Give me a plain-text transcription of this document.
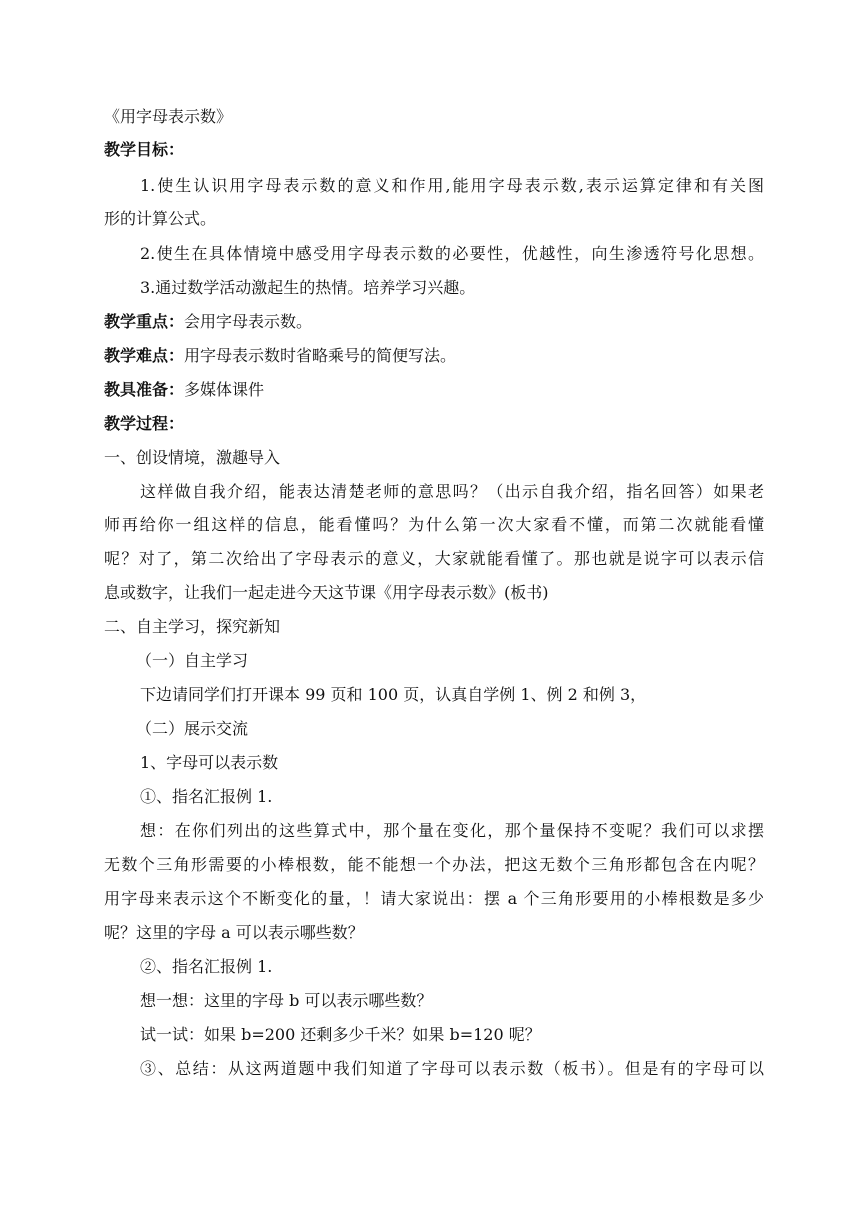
《用字母表示数》
教学目标：
1.使生认识用字母表示数的意义和作用,能用字母表示数,表示运算定律和有关图
形的计算公式。
2.使生在具体情境中感受用字母表示数的必要性，优越性，向生渗透符号化思想。
3.通过数学活动激起生的热情。培养学习兴趣。
教学重点：会用字母表示数。
教学难点：用字母表示数时省略乘号的简便写法。
教具准备：多媒体课件
教学过程：
一、创设情境，激趣导入
这样做自我介绍，能表达清楚老师的意思吗？（出示自我介绍，指名回答）如果老
师再给你一组这样的信息，能看懂吗？为什么第一次大家看不懂，而第二次就能看懂
呢？对了，第二次给出了字母表示的意义，大家就能看懂了。那也就是说字可以表示信
息或数字，让我们一起走进今天这节课《用字母表示数》(板书)
二、自主学习，探究新知
（一）自主学习
下边请同学们打开课本 99 页和 100 页，认真自学例 1、例 2 和例 3，
（二）展示交流
1、字母可以表示数
①、指名汇报例 1.
想：在你们列出的这些算式中，那个量在变化，那个量保持不变呢？我们可以求摆
无数个三角形需要的小棒根数，能不能想一个办法，把这无数个三角形都包含在内呢？
用字母来表示这个不断变化的量，！请大家说出：摆 a 个三角形要用的小棒根数是多少
呢？这里的字母 a 可以表示哪些数？
②、指名汇报例 1.
想一想：这里的字母 b 可以表示哪些数？
试一试：如果 b=200 还剩多少千米？如果 b=120 呢？
③、总结：从这两道题中我们知道了字母可以表示数（板书）。但是有的字母可以
